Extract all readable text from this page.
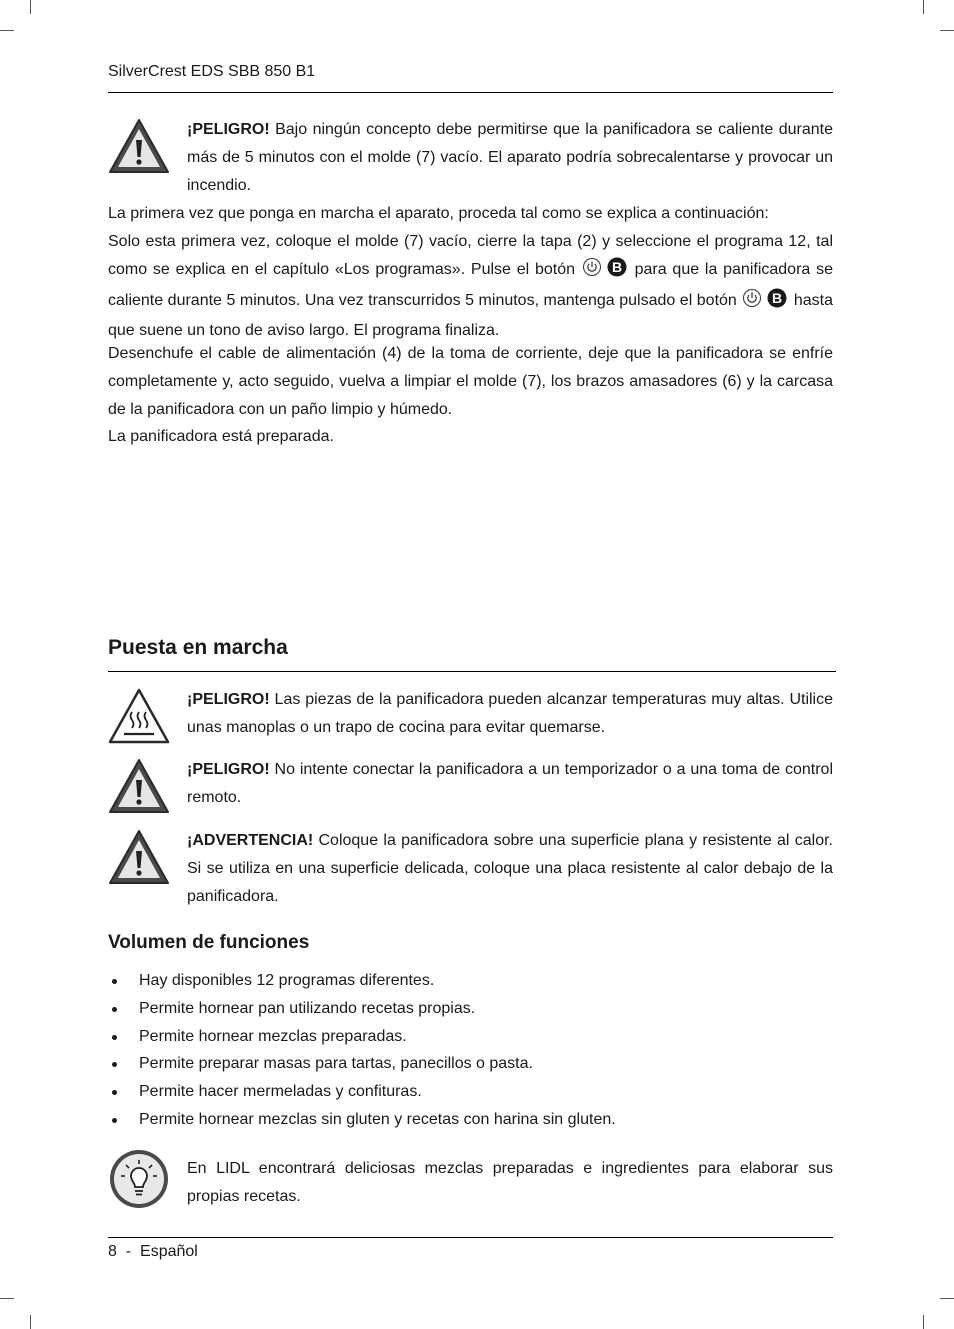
SilverCrest EDS SBB 850 B1
¡PELIGRO! Bajo ningún concepto debe permitirse que la panificadora se caliente durante más de 5 minutos con el molde (7) vacío. El aparato podría sobrecalentarse y provocar un incendio.
La primera vez que ponga en marcha el aparato, proceda tal como se explica a continuación:
Solo esta primera vez, coloque el molde (7) vacío, cierre la tapa (2) y seleccione el programa 12, tal como se explica en el capítulo «Los programas». Pulse el botón	B para que la panificadora se caliente durante 5 minutos. Una vez transcurridos 5 minutos, mantenga pulsado el botón	B hasta que suene un tono de aviso largo. El programa finaliza.
Desenchufe el cable de alimentación (4) de la toma de corriente, deje que la panificadora se enfríe completamente y, acto seguido, vuelva a limpiar el molde (7), los brazos amasadores (6) y la carcasa de la panificadora con un paño limpio y húmedo.
La panificadora está preparada.
Puesta en marcha
¡PELIGRO! Las piezas de la panificadora pueden alcanzar temperaturas muy altas. Utilice unas manoplas o un trapo de cocina para evitar quemarse.
¡PELIGRO! No intente conectar la panificadora a un temporizador o a una toma de control remoto.
¡ADVERTENCIA! Coloque la panificadora sobre una superficie plana y resistente al calor. Si se utiliza en una superficie delicada, coloque una placa resistente al calor debajo de la panificadora.
Volumen de funciones
Hay disponibles 12 programas diferentes.
Permite hornear pan utilizando recetas propias.
Permite hornear mezclas preparadas.
Permite preparar masas para tartas, panecillos o pasta.
Permite hacer mermeladas y confituras.
Permite hornear mezclas sin gluten y recetas con harina sin gluten.
En LIDL encontrará deliciosas mezclas preparadas e ingredientes para elaborar sus propias recetas.
8 - Español
